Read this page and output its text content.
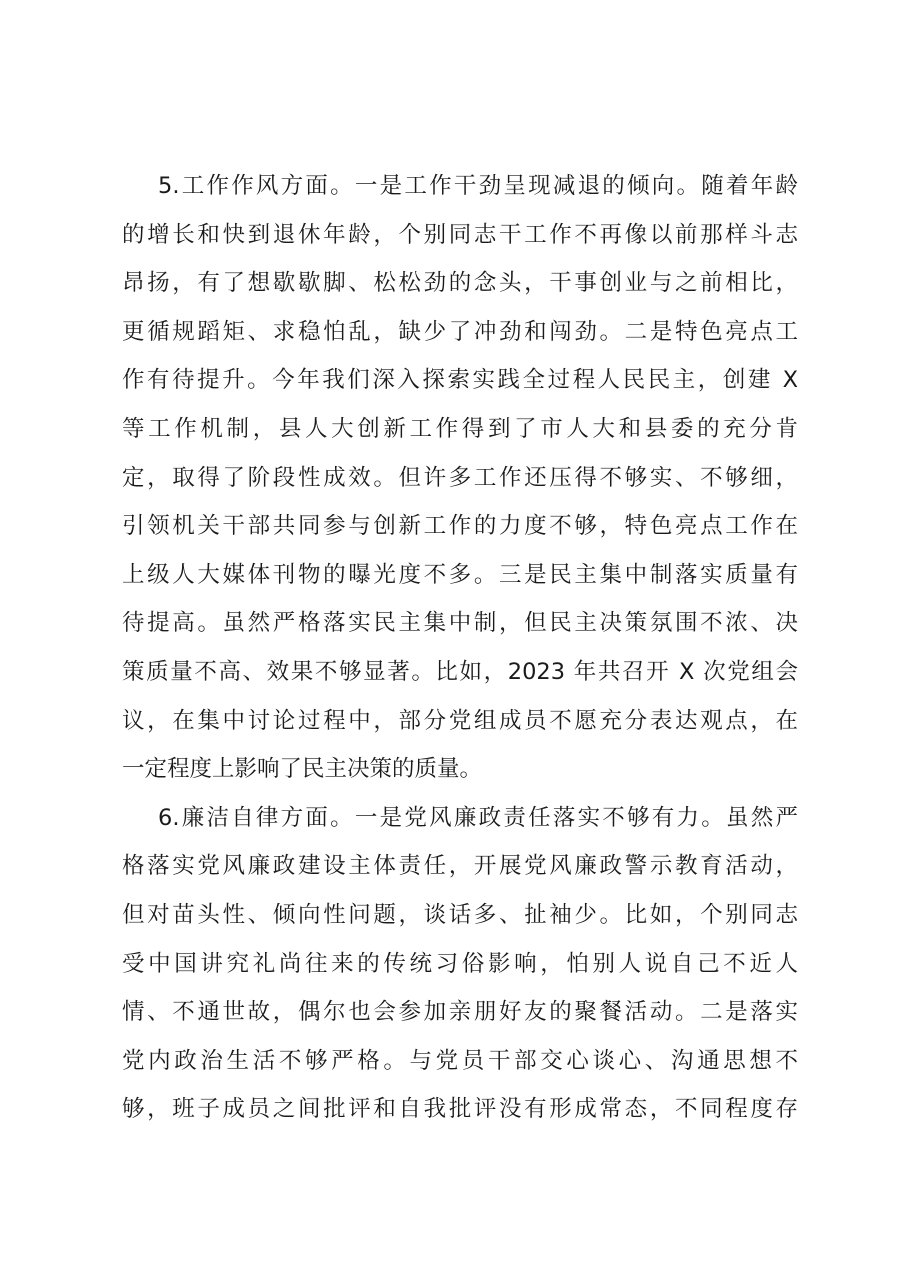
5.工作作风方面。一是工作干劲呈现减退的倾向。随着年龄
的增长和快到退休年龄，个别同志干工作不再像以前那样斗志
昂扬，有了想歇歇脚、松松劲的念头，干事创业与之前相比，
更循规蹈矩、求稳怕乱，缺少了冲劲和闯劲。二是特色亮点工
作有待提升。今年我们深入探索实践全过程人民民主，创建 X
等工作机制，县人大创新工作得到了市人大和县委的充分肯
定，取得了阶段性成效。但许多工作还压得不够实、不够细，
引领机关干部共同参与创新工作的力度不够，特色亮点工作在
上级人大媒体刊物的曝光度不多。三是民主集中制落实质量有
待提高。虽然严格落实民主集中制，但民主决策氛围不浓、决
策质量不高、效果不够显著。比如，2023 年共召开 X 次党组会
议，在集中讨论过程中，部分党组成员不愿充分表达观点，在
一定程度上影响了民主决策的质量。
6.廉洁自律方面。一是党风廉政责任落实不够有力。虽然严
格落实党风廉政建设主体责任，开展党风廉政警示教育活动，
但对苗头性、倾向性问题，谈话多、扯袖少。比如，个别同志
受中国讲究礼尚往来的传统习俗影响，怕别人说自己不近人
情、不通世故，偶尔也会参加亲朋好友的聚餐活动。二是落实
党内政治生活不够严格。与党员干部交心谈心、沟通思想不
够，班子成员之间批评和自我批评没有形成常态，不同程度存
